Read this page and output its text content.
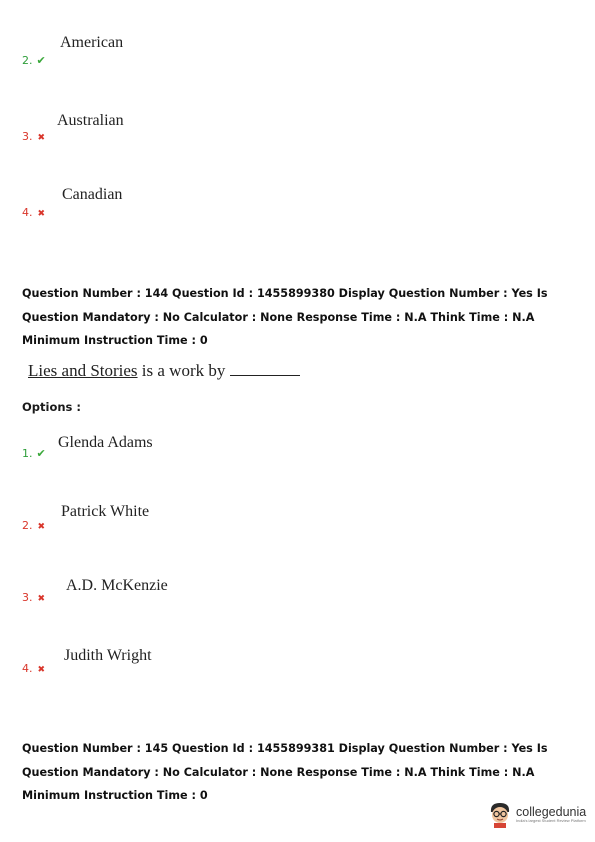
American
2. ✔
Australian
3. ✖
Canadian
4. ✖
Question Number : 144 Question Id : 1455899380 Display Question Number : Yes Is Question Mandatory : No Calculator : None Response Time : N.A Think Time : N.A Minimum Instruction Time : 0
Lies and Stories is a work by
Options :
Glenda Adams
1. ✔
Patrick White
2. ✖
A.D. McKenzie
3. ✖
Judith Wright
4. ✖
Question Number : 145 Question Id : 1455899381 Display Question Number : Yes Is Question Mandatory : No Calculator : None Response Time : N.A Think Time : N.A Minimum Instruction Time : 0
collegedunia
India's largest Student Review Platform
